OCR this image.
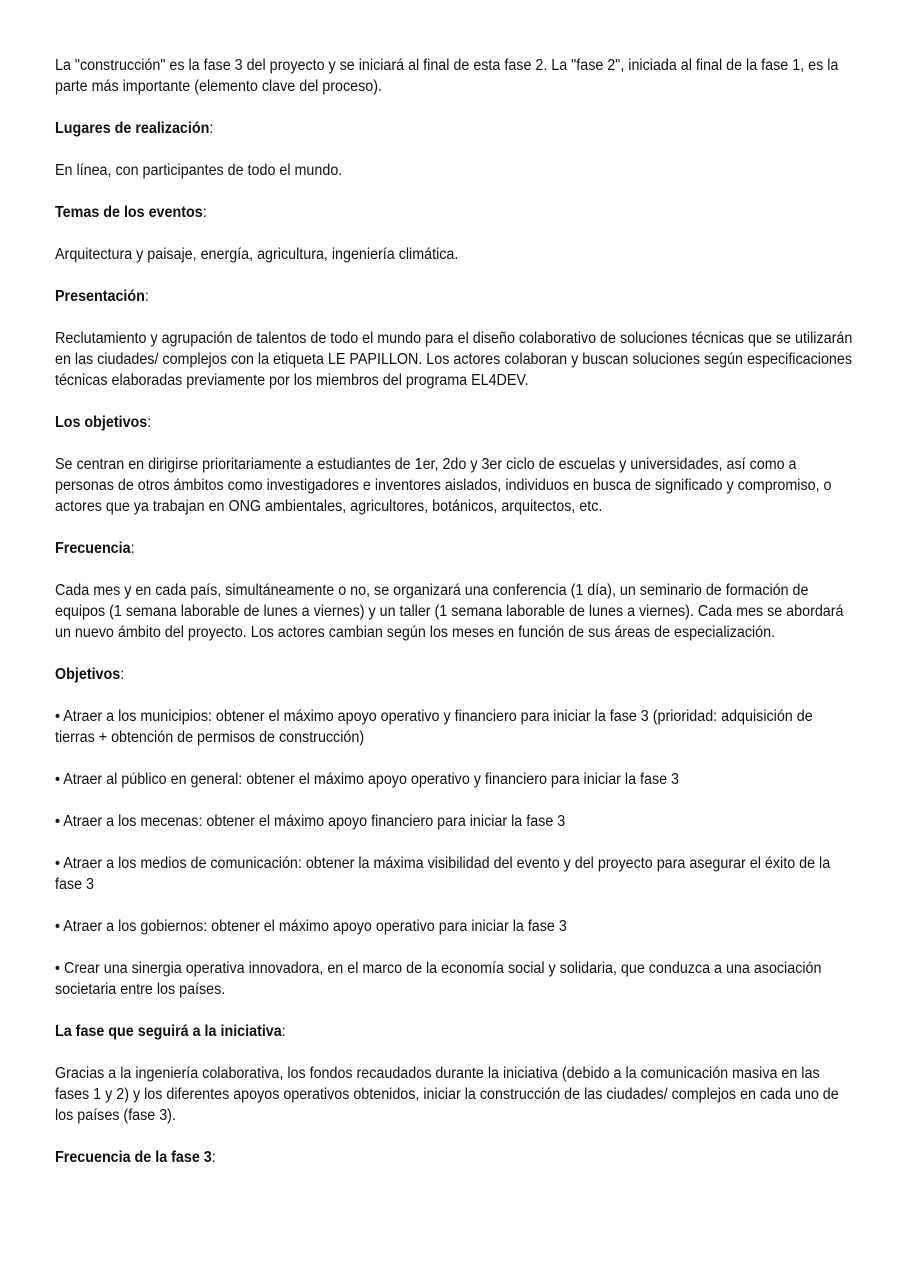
La "construcción" es la fase 3 del proyecto y se iniciará al final de esta fase 2. La "fase 2", iniciada al final de la fase 1, es la parte más importante (elemento clave del proceso).

Lugares de realización:

En línea, con participantes de todo el mundo.

Temas de los eventos:

Arquitectura y paisaje, energía, agricultura, ingeniería climática.

Presentación:

Reclutamiento y agrupación de talentos de todo el mundo para el diseño colaborativo de soluciones técnicas que se utilizarán en las ciudades/ complejos con la etiqueta LE PAPILLON. Los actores colaboran y buscan soluciones según especificaciones técnicas elaboradas previamente por los miembros del programa EL4DEV.

Los objetivos:

Se centran en dirigirse prioritariamente a estudiantes de 1er, 2do y 3er ciclo de escuelas y universidades, así como a personas de otros ámbitos como investigadores e inventores aislados, individuos en busca de significado y compromiso, o actores que ya trabajan en ONG ambientales, agricultores, botánicos, arquitectos, etc.

Frecuencia:

Cada mes y en cada país, simultáneamente o no, se organizará una conferencia (1 día), un seminario de formación de equipos (1 semana laborable de lunes a viernes) y un taller (1 semana laborable de lunes a viernes). Cada mes se abordará un nuevo ámbito del proyecto. Los actores cambian según los meses en función de sus áreas de especialización.

Objetivos:

• Atraer a los municipios: obtener el máximo apoyo operativo y financiero para iniciar la fase 3 (prioridad: adquisición de tierras + obtención de permisos de construcción)

• Atraer al público en general: obtener el máximo apoyo operativo y financiero para iniciar la fase 3

• Atraer a los mecenas: obtener el máximo apoyo financiero para iniciar la fase 3

• Atraer a los medios de comunicación: obtener la máxima visibilidad del evento y del proyecto para asegurar el éxito de la fase 3

• Atraer a los gobiernos: obtener el máximo apoyo operativo para iniciar la fase 3

• Crear una sinergia operativa innovadora, en el marco de la economía social y solidaria, que conduzca a una asociación societaria entre los países.

La fase que seguirá a la iniciativa:

Gracias a la ingeniería colaborativa, los fondos recaudados durante la iniciativa (debido a la comunicación masiva en las fases 1 y 2) y los diferentes apoyos operativos obtenidos, iniciar la construcción de las ciudades/ complejos en cada uno de los países (fase 3).

Frecuencia de la fase 3:
